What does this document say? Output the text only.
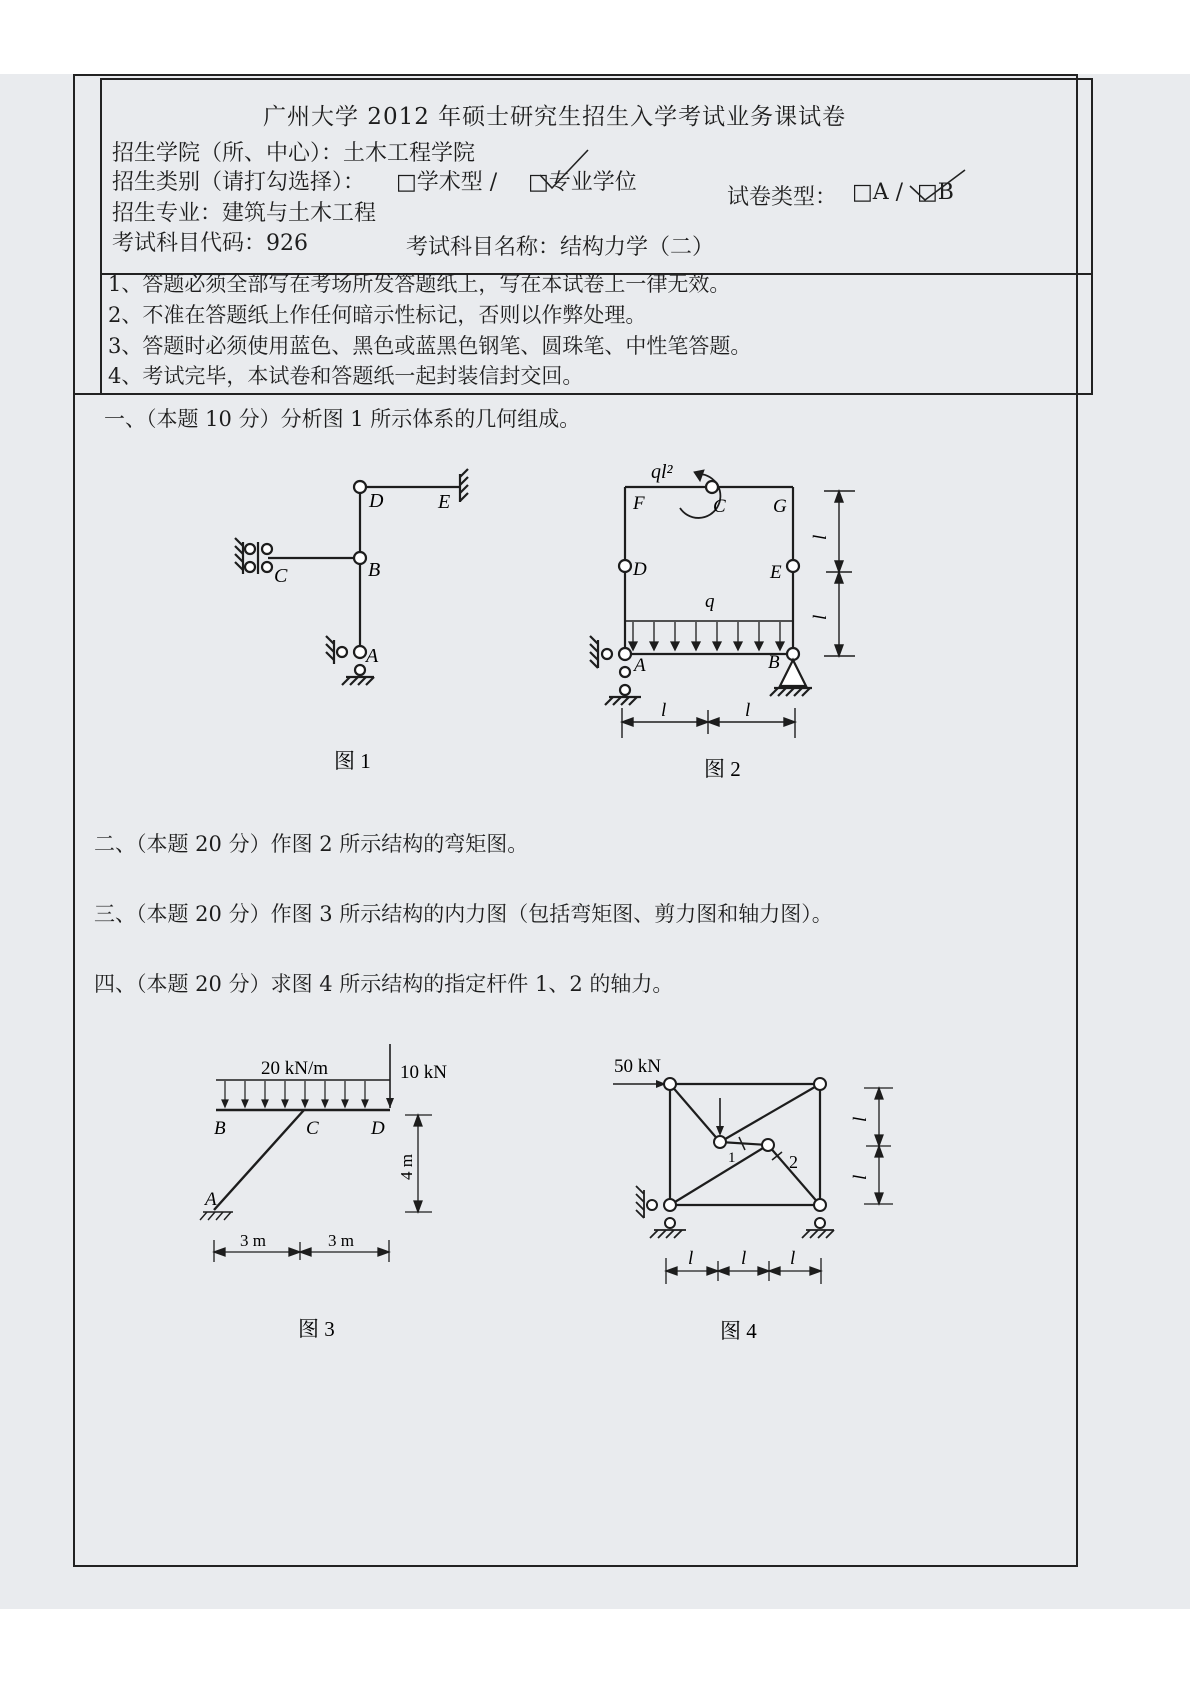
广州大学 2012 年硕士研究生招生入学考试业务课试卷
招生学院（所、中心）：土木工程学院
招生类别（请打勾选择）： □学术型 / □专业学位
招生专业：建筑与土木工程
试卷类型： □A / □B
考试科目代码：926	考试科目名称：结构力学（二）
1、答题必须全部写在考场所发答题纸上，写在本试卷上一律无效。
2、不准在答题纸上作任何暗示性标记，否则以作弊处理。
3、答题时必须使用蓝色、黑色或蓝黑色钢笔、圆珠笔、中性笔答题。
4、考试完毕，本试卷和答题纸一起封装信封交回。
一、（本题 10 分）分析图 1 所示体系的几何组成。
二、（本题 20 分）作图 2 所示结构的弯矩图。
三、（本题 20 分）作图 3 所示结构的内力图（包括弯矩图、剪力图和轴力图）。
四、（本题 20 分）求图 4 所示结构的指定杆件 1、2 的轴力。
D	E
B
C
A
图 1
ql²
F	C G
D	E
q
A	B
l	l
l
l
图 2
20 kN/m	10 kN
B	C	D
A
4 m
3 m	3 m
图 3
50 kN
1	2
l	l l
l
l
图 4
